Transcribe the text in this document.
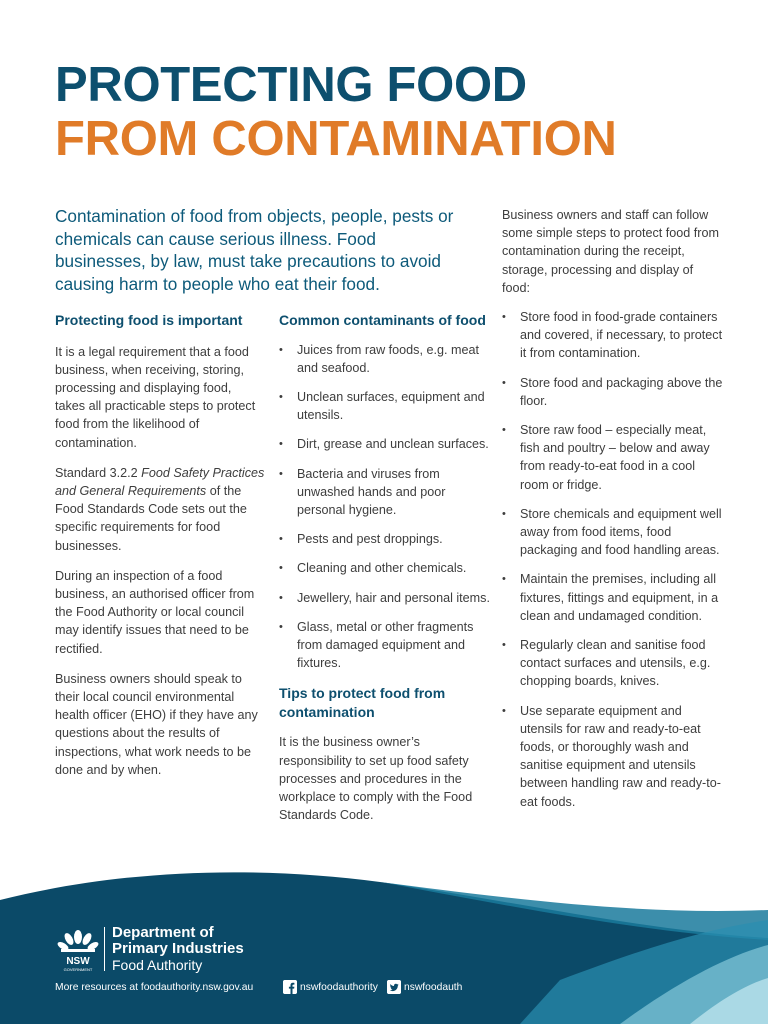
PROTECTING FOOD
FROM CONTAMINATION

Contamination of food from objects, people, pests or chemicals can cause serious illness. Food businesses, by law, must take precautions to avoid causing harm to people who eat their food.

Protecting food is important

It is a legal requirement that a food business, when receiving, storing, processing and displaying food, takes all practicable steps to protect food from the likelihood of contamination.

Standard 3.2.2 Food Safety Practices and General Requirements of the Food Standards Code sets out the specific requirements for food businesses.

During an inspection of a food business, an authorised officer from the Food Authority or local council may identify issues that need to be rectified.

Business owners should speak to their local council environmental health officer (EHO) if they have any questions about the results of inspections, what work needs to be done and by when.

Common contaminants of food
• Juices from raw foods, e.g. meat and seafood.
• Unclean surfaces, equipment and utensils.
• Dirt, grease and unclean surfaces.
• Bacteria and viruses from unwashed hands and poor personal hygiene.
• Pests and pest droppings.
• Cleaning and other chemicals.
• Jewellery, hair and personal items.
• Glass, metal or other fragments from damaged equipment and fixtures.
Tips to protect food from contamination

It is the business owner’s responsibility to set up food safety processes and procedures in the workplace to comply with the Food Standards Code.

Business owners and staff can follow some simple steps to protect food from contamination during the receipt, storage, processing and display of food:

• Store food in food-grade containers and covered, if necessary, to protect it from contamination.
• Store food and packaging above the floor.
• Store raw food – especially meat, fish and poultry – below and away from ready-to-eat food in a cool room or fridge.
• Store chemicals and equipment well away from food items, food packaging and food handling areas.
• Maintain the premises, including all fixtures, fittings and equipment, in a clean and undamaged condition.
• Regularly clean and sanitise food contact surfaces and utensils, e.g. chopping boards, knives.
• Use separate equipment and utensils for raw and ready-to-eat foods, or thoroughly wash and sanitise equipment and utensils between handling raw and ready-to-eat foods.
NSW
GOVERNMENT
Department of
Primary Industries
Food Authority
More resources at foodauthority.nsw.gov.au	nswfoodauthority	nswfoodauth
